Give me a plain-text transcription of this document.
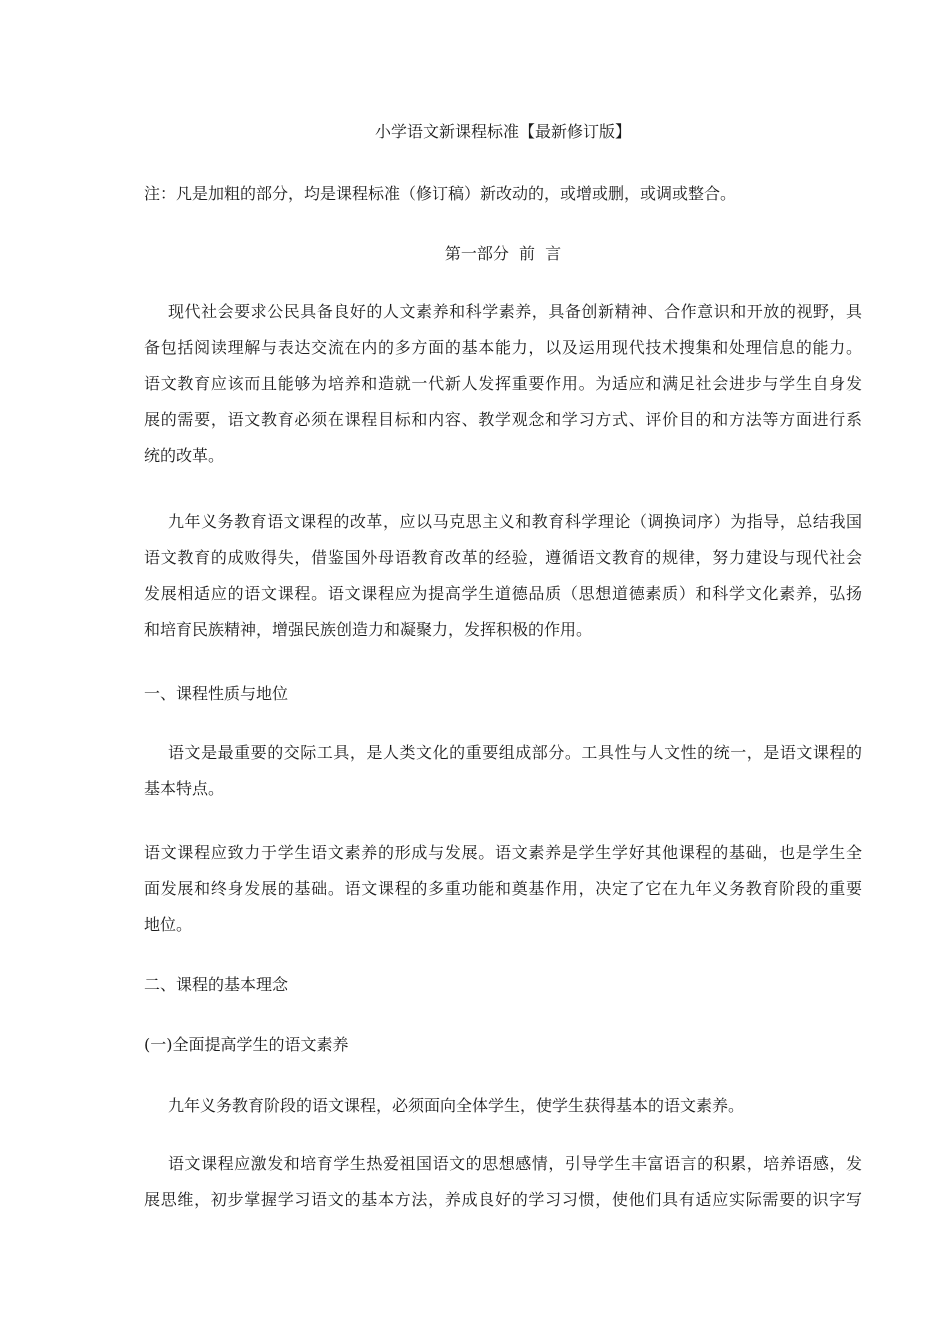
小学语文新课程标准【最新修订版】
注：凡是加粗的部分，均是课程标准（修订稿）新改动的，或增或删，或调或整合。
第一部分  前  言
现代社会要求公民具备良好的人文素养和科学素养，具备创新精神、合作意识和开放的视野，具
备包括阅读理解与表达交流在内的多方面的基本能力，以及运用现代技术搜集和处理信息的能力。
语文教育应该而且能够为培养和造就一代新人发挥重要作用。为适应和满足社会进步与学生自身发
展的需要，语文教育必须在课程目标和内容、教学观念和学习方式、评价目的和方法等方面进行系
统的改革。
九年义务教育语文课程的改革，应以马克思主义和教育科学理论（调换词序）为指导，总结我国
语文教育的成败得失，借鉴国外母语教育改革的经验，遵循语文教育的规律，努力建设与现代社会
发展相适应的语文课程。语文课程应为提高学生道德品质（思想道德素质）和科学文化素养，弘扬
和培育民族精神，增强民族创造力和凝聚力，发挥积极的作用。
一、课程性质与地位
语文是最重要的交际工具，是人类文化的重要组成部分。工具性与人文性的统一，是语文课程的
基本特点。
语文课程应致力于学生语文素养的形成与发展。语文素养是学生学好其他课程的基础，也是学生全
面发展和终身发展的基础。语文课程的多重功能和奠基作用，决定了它在九年义务教育阶段的重要
地位。
二、课程的基本理念
(一)全面提高学生的语文素养
九年义务教育阶段的语文课程，必须面向全体学生，使学生获得基本的语文素养。
语文课程应激发和培育学生热爱祖国语文的思想感情，引导学生丰富语言的积累，培养语感，发
展思维，初步掌握学习语文的基本方法，养成良好的学习习惯，使他们具有适应实际需要的识字写
